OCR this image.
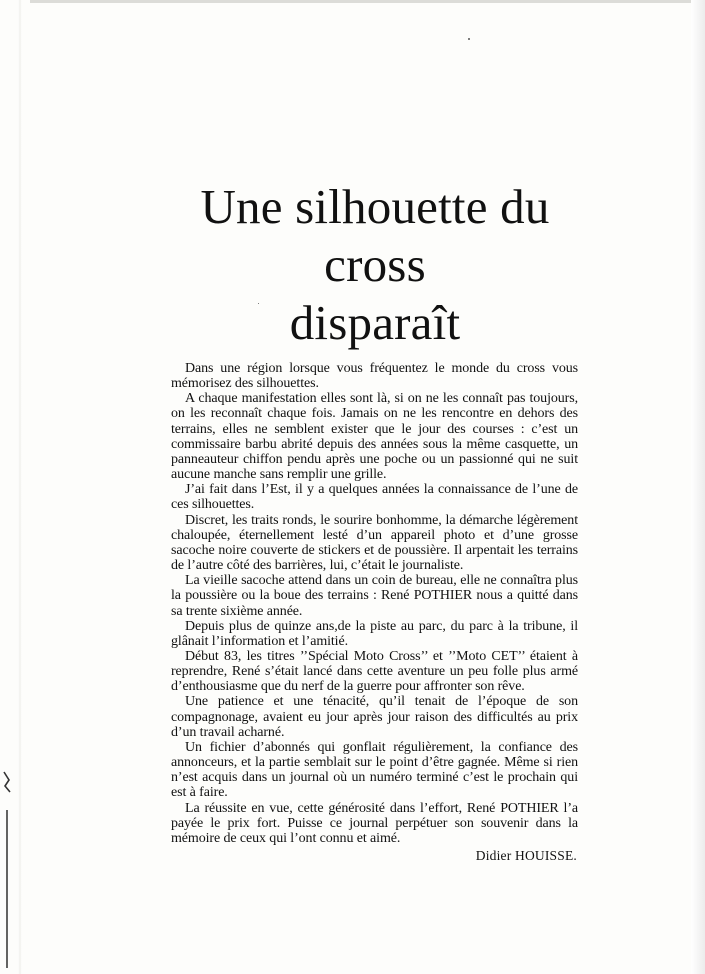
Une silhouette du
cross
disparaît

Dans une région lorsque vous fréquentez le monde du cross vous mémorisez des silhouettes.

A chaque manifestation elles sont là, si on ne les connaît pas toujours, on les reconnaît chaque fois. Jamais on ne les rencontre en dehors des terrains, elles ne semblent exister que le jour des courses : c’est un commissaire barbu abrité depuis des années sous la même casquette, un panneauteur chiffon pendu après une poche ou un passionné qui ne suit aucune manche sans remplir une grille.

J’ai fait dans l’Est, il y a quelques années la connaissance de l’une de ces silhouettes.

Discret, les traits ronds, le sourire bonhomme, la démarche légèrement chaloupée, éternellement lesté d’un appareil photo et d’une grosse sacoche noire couverte de stickers et de poussière. Il arpentait les terrains de l’autre côté des barrières, lui, c’était le journaliste.

La vieille sacoche attend dans un coin de bureau, elle ne connaîtra plus la poussière ou la boue des terrains : René POTHIER nous a quitté dans sa trente sixième année.

Depuis plus de quinze ans,de la piste au parc, du parc à la tribune, il glânait l’information et l’amitié.

Début 83, les titres ’’Spécial Moto Cross’’ et ’’Moto CET’’ étaient à reprendre, René s’était lancé dans cette aventure un peu folle plus armé d’enthousiasme que du nerf de la guerre pour affronter son rêve.

Une patience et une ténacité, qu’il tenait de l’époque de son compagnonage, avaient eu jour après jour raison des difficultés au prix d’un travail acharné.

Un fichier d’abonnés qui gonflait régulièrement, la confiance des annonceurs, et la partie semblait sur le point d’être gagnée. Même si rien n’est acquis dans un journal où un numéro terminé c’est le prochain qui est à faire.

La réussite en vue, cette générosité dans l’effort, René POTHIER l’a payée le prix fort. Puisse ce journal perpétuer son souvenir dans la mémoire de ceux qui l’ont connu et aimé.

Didier HOUISSE.
